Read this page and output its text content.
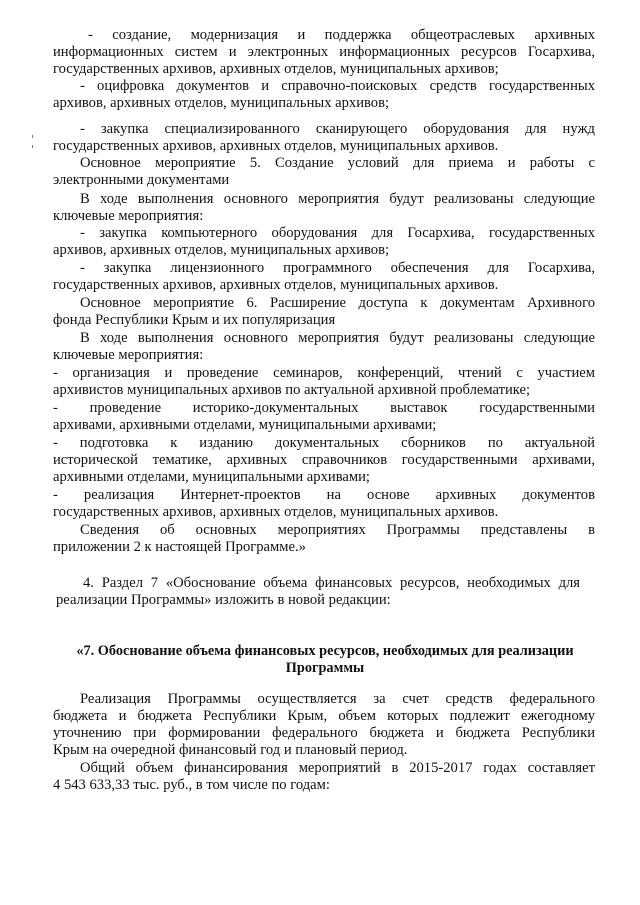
- создание, модернизация и поддержка общеотраслевых архивных

информационных систем и электронных информационных ресурсов Госархива,

государственных архивов, архивных отделов, муниципальных архивов;

- оцифровка документов и справочно-поисковых средств государственных

архивов, архивных отделов, муниципальных архивов;

- закупка специализированного сканирующего оборудования для нужд

государственных архивов, архивных отделов, муниципальных архивов.

Основное мероприятие 5. Создание условий для приема и работы с

электронными документами

В ходе выполнения основного мероприятия будут реализованы следующие

ключевые мероприятия:

- закупка компьютерного оборудования для Госархива, государственных

архивов, архивных отделов, муниципальных архивов;

- закупка лицензионного программного обеспечения для Госархива,

государственных архивов, архивных отделов, муниципальных архивов.

Основное мероприятие 6. Расширение доступа к документам Архивного

фонда Республики Крым и их популяризация

В ходе выполнения основного мероприятия будут реализованы следующие

ключевые мероприятия:

- организация и проведение семинаров, конференций, чтений с участием

архивистов муниципальных архивов по актуальной архивной проблематике;

- проведение историко-документальных выставок государственными

архивами, архивными отделами, муниципальными архивами;

- подготовка к изданию документальных сборников по актуальной

исторической тематике, архивных справочников государственными архивами,

архивными отделами, муниципальными архивами;

- реализация Интернет-проектов на основе архивных документов

государственных архивов, архивных отделов, муниципальных архивов.

Сведения об основных мероприятиях Программы представлены в

приложении 2 к настоящей Программе.»

4. Раздел 7 «Обоснование объема финансовых ресурсов, необходимых для

реализации Программы» изложить в новой редакции:

«7. Обоснование объема финансовых ресурсов, необходимых для реализации

Программы

Реализация Программы осуществляется за счет средств федерального

бюджета и бюджета Республики Крым, объем которых подлежит ежегодному

уточнению при формировании федерального бюджета и бюджета Республики

Крым на очередной финансовый год и плановый период.

Общий объем финансирования мероприятий в 2015-2017 годах составляет

4 543 633,33 тыс. руб., в том числе по годам:
